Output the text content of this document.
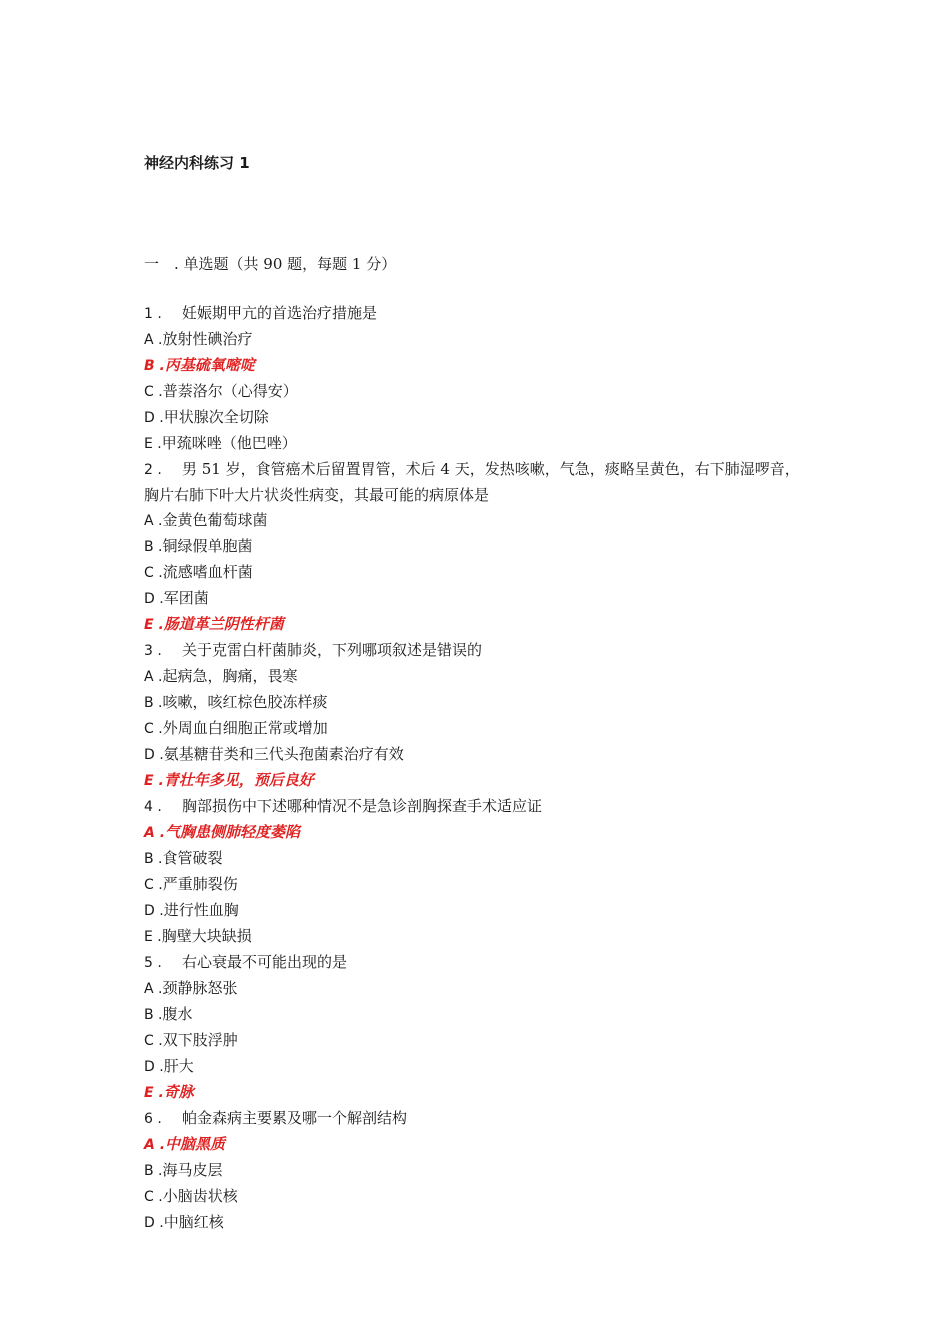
神经内科练习 1
一 . 单选题（共 90 题，每题 1 分）

1 . 妊娠期甲亢的首选治疗措施是

A .放射性碘治疗

B .丙基硫氧嘧啶

C .普萘洛尔（心得安）

D .甲状腺次全切除

E .甲巯咪唑（他巴唑）

2 . 男 51 岁，食管癌术后留置胃管，术后 4 天，发热咳嗽，气急，痰略呈黄色，右下肺湿啰音，胸片右肺下叶大片状炎性病变，其最可能的病原体是

A .金黄色葡萄球菌

B .铜绿假单胞菌

C .流感嗜血杆菌

D .军团菌

E .肠道革兰阴性杆菌

3 . 关于克雷白杆菌肺炎，下列哪项叙述是错误的

A .起病急，胸痛，畏寒

B .咳嗽，咳红棕色胶冻样痰

C .外周血白细胞正常或增加

D .氨基糖苷类和三代头孢菌素治疗有效

E .青壮年多见，预后良好

4 . 胸部损伤中下述哪种情况不是急诊剖胸探查手术适应证

A .气胸患侧肺轻度萎陷

B .食管破裂

C .严重肺裂伤

D .进行性血胸

E .胸壁大块缺损

5 . 右心衰最不可能出现的是

A .颈静脉怒张

B .腹水

C .双下肢浮肿

D .肝大

E .奇脉

6 . 帕金森病主要累及哪一个解剖结构

A .中脑黑质

B .海马皮层

C .小脑齿状核

D .中脑红核
